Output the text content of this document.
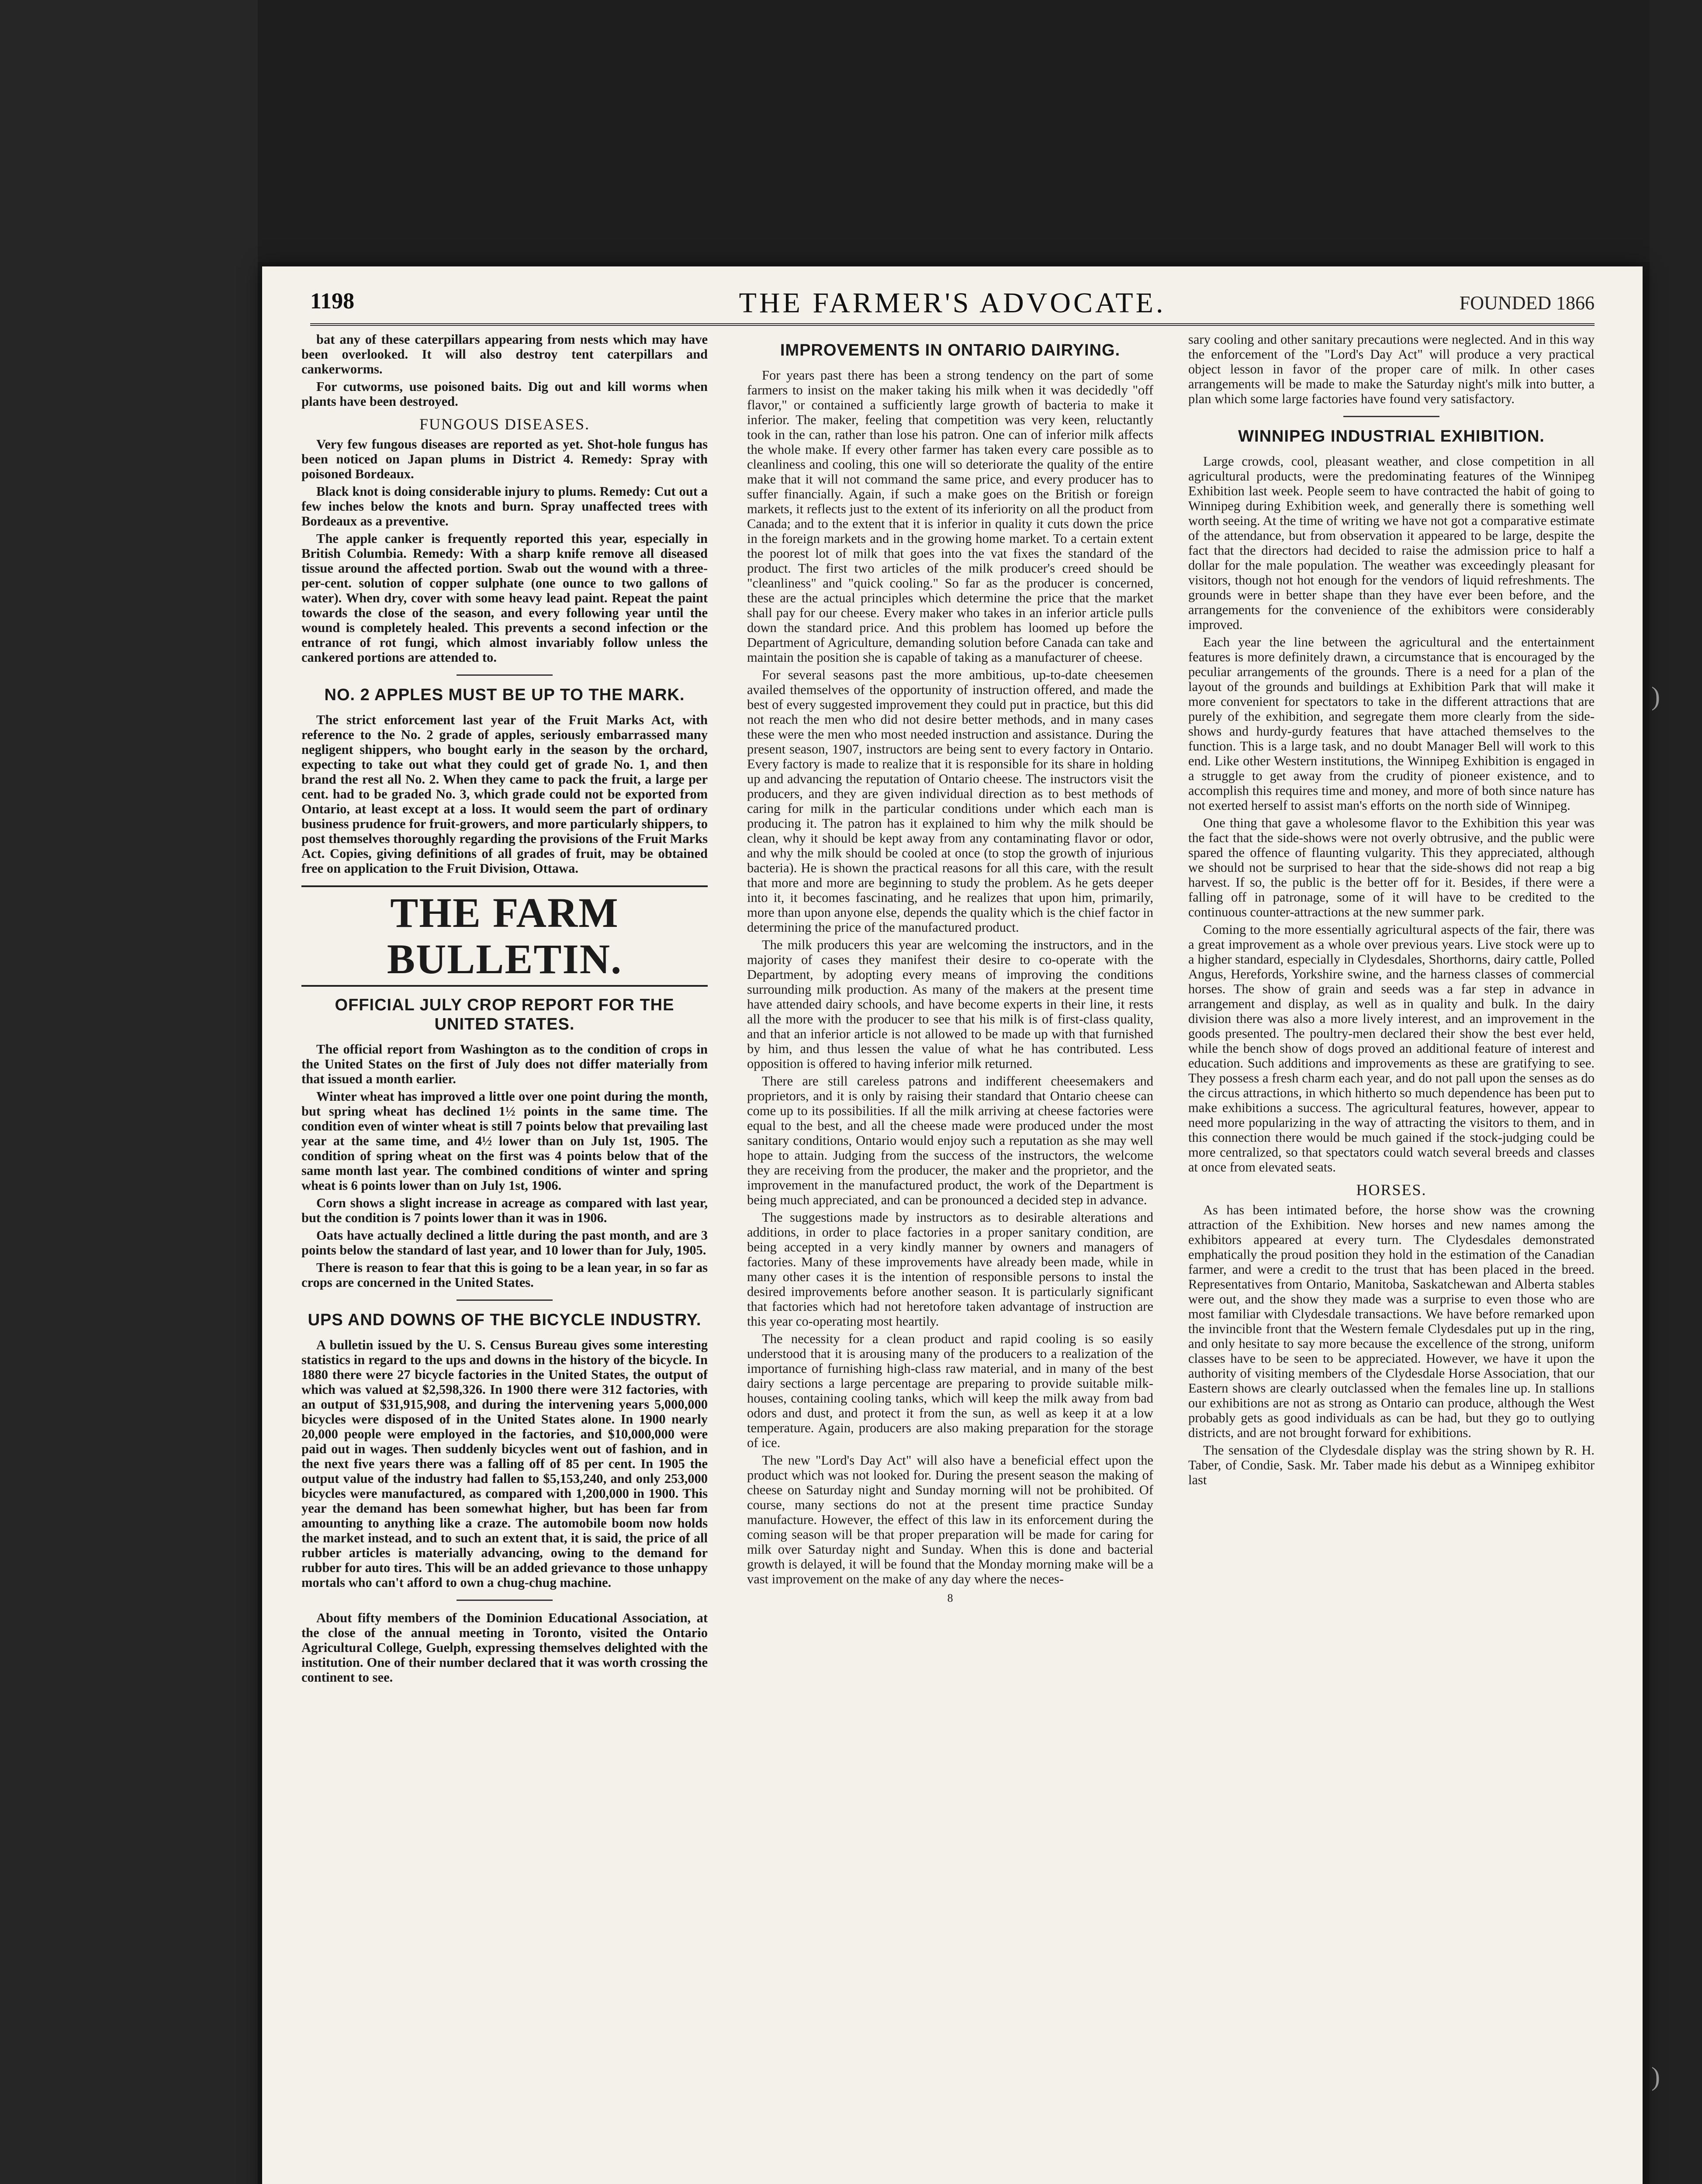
1198	THE FARMER'S ADVOCATE.	FOUNDED 1866

bat any of these caterpillars appearing from nests which may have been overlooked. It will also destroy tent caterpillars and cankerworms.

For cutworms, use poisoned baits. Dig out and kill worms when plants have been destroyed.

FUNGOUS DISEASES.

Very few fungous diseases are reported as yet. Shot-hole fungus has been noticed on Japan plums in District 4. Remedy: Spray with poisoned Bordeaux.

Black knot is doing considerable injury to plums. Remedy: Cut out a few inches below the knots and burn. Spray unaffected trees with Bordeaux as a preventive.

The apple canker is frequently reported this year, especially in British Columbia. Remedy: With a sharp knife remove all diseased tissue around the affected portion. Swab out the wound with a three-per-cent. solution of copper sulphate (one ounce to two gallons of water). When dry, cover with some heavy lead paint. Repeat the paint towards the close of the season, and every following year until the wound is completely healed. This prevents a second infection or the entrance of rot fungi, which almost invariably follow unless the cankered portions are attended to.

NO. 2 APPLES MUST BE UP TO THE MARK.

The strict enforcement last year of the Fruit Marks Act, with reference to the No. 2 grade of apples, seriously embarrassed many negligent shippers, who bought early in the season by the orchard, expecting to take out what they could get of grade No. 1, and then brand the rest all No. 2. When they came to pack the fruit, a large per cent. had to be graded No. 3, which grade could not be exported from Ontario, at least except at a loss. It would seem the part of ordinary business prudence for fruit-growers, and more particularly shippers, to post themselves thoroughly regarding the provisions of the Fruit Marks Act. Copies, giving definitions of all grades of fruit, may be obtained free on application to the Fruit Division, Ottawa.

THE FARM BULLETIN.
OFFICIAL JULY CROP REPORT FOR THE UNITED STATES.

The official report from Washington as to the condition of crops in the United States on the first of July does not differ materially from that issued a month earlier.

Winter wheat has improved a little over one point during the month, but spring wheat has declined 1½ points in the same time. The condition even of winter wheat is still 7 points below that prevailing last year at the same time, and 4½ lower than on July 1st, 1905. The condition of spring wheat on the first was 4 points below that of the same month last year. The combined conditions of winter and spring wheat is 6 points lower than on July 1st, 1906.

Corn shows a slight increase in acreage as compared with last year, but the condition is 7 points lower than it was in 1906.

Oats have actually declined a little during the past month, and are 3 points below the standard of last year, and 10 lower than for July, 1905.

There is reason to fear that this is going to be a lean year, in so far as crops are concerned in the United States.

UPS AND DOWNS OF THE BICYCLE INDUSTRY.

A bulletin issued by the U. S. Census Bureau gives some interesting statistics in regard to the ups and downs in the history of the bicycle. In 1880 there were 27 bicycle factories in the United States, the output of which was valued at $2,598,326. In 1900 there were 312 factories, with an output of $31,915,908, and during the intervening years 5,000,000 bicycles were disposed of in the United States alone. In 1900 nearly 20,000 people were employed in the factories, and $10,000,000 were paid out in wages. Then suddenly bicycles went out of fashion, and in the next five years there was a falling off of 85 per cent. In 1905 the output value of the industry had fallen to $5,153,240, and only 253,000 bicycles were manufactured, as compared with 1,200,000 in 1900. This year the demand has been somewhat higher, but has been far from amounting to anything like a craze. The automobile boom now holds the market instead, and to such an extent that, it is said, the price of all rubber articles is materially advancing, owing to the demand for rubber for auto tires. This will be an added grievance to those unhappy mortals who can't afford to own a chug-chug machine.

About fifty members of the Dominion Educational Association, at the close of the annual meeting in Toronto, visited the Ontario Agricultural College, Guelph, expressing themselves delighted with the institution. One of their number declared that it was worth crossing the continent to see.

IMPROVEMENTS IN ONTARIO DAIRYING.

For years past there has been a strong tendency on the part of some farmers to insist on the maker taking his milk when it was decidedly "off flavor," or contained a sufficiently large growth of bacteria to make it inferior. The maker, feeling that competition was very keen, reluctantly took in the can, rather than lose his patron. One can of inferior milk affects the whole make. If every other farmer has taken every care possible as to cleanliness and cooling, this one will so deteriorate the quality of the entire make that it will not command the same price, and every producer has to suffer financially. Again, if such a make goes on the British or foreign markets, it reflects just to the extent of its inferiority on all the product from Canada; and to the extent that it is inferior in quality it cuts down the price in the foreign markets and in the growing home market. To a certain extent the poorest lot of milk that goes into the vat fixes the standard of the product. The first two articles of the milk producer's creed should be "cleanliness" and "quick cooling." So far as the producer is concerned, these are the actual principles which determine the price that the market shall pay for our cheese. Every maker who takes in an inferior article pulls down the standard price. And this problem has loomed up before the Department of Agriculture, demanding solution before Canada can take and maintain the position she is capable of taking as a manufacturer of cheese.

For several seasons past the more ambitious, up-to-date cheesemen availed themselves of the opportunity of instruction offered, and made the best of every suggested improvement they could put in practice, but this did not reach the men who did not desire better methods, and in many cases these were the men who most needed instruction and assistance. During the present season, 1907, instructors are being sent to every factory in Ontario. Every factory is made to realize that it is responsible for its share in holding up and advancing the reputation of Ontario cheese. The instructors visit the producers, and they are given individual direction as to best methods of caring for milk in the particular conditions under which each man is producing it. The patron has it explained to him why the milk should be clean, why it should be kept away from any contaminating flavor or odor, and why the milk should be cooled at once (to stop the growth of injurious bacteria). He is shown the practical reasons for all this care, with the result that more and more are beginning to study the problem. As he gets deeper into it, it becomes fascinating, and he realizes that upon him, primarily, more than upon anyone else, depends the quality which is the chief factor in determining the price of the manufactured product.

The milk producers this year are welcoming the instructors, and in the majority of cases they manifest their desire to co-operate with the Department, by adopting every means of improving the conditions surrounding milk production. As many of the makers at the present time have attended dairy schools, and have become experts in their line, it rests all the more with the producer to see that his milk is of first-class quality, and that an inferior article is not allowed to be made up with that furnished by him, and thus lessen the value of what he has contributed. Less opposition is offered to having inferior milk returned.

There are still careless patrons and indifferent cheesemakers and proprietors, and it is only by raising their standard that Ontario cheese can come up to its possibilities. If all the milk arriving at cheese factories were equal to the best, and all the cheese made were produced under the most sanitary conditions, Ontario would enjoy such a reputation as she may well hope to attain. Judging from the success of the instructors, the welcome they are receiving from the producer, the maker and the proprietor, and the improvement in the manufactured product, the work of the Department is being much appreciated, and can be pronounced a decided step in advance.

The suggestions made by instructors as to desirable alterations and additions, in order to place factories in a proper sanitary condition, are being accepted in a very kindly manner by owners and managers of factories. Many of these improvements have already been made, while in many other cases it is the intention of responsible persons to instal the desired improvements before another season. It is particularly significant that factories which had not heretofore taken advantage of instruction are this year co-operating most heartily.

The necessity for a clean product and rapid cooling is so easily understood that it is arousing many of the producers to a realization of the importance of furnishing high-class raw material, and in many of the best dairy sections a large percentage are preparing to provide suitable milk-houses, containing cooling tanks, which will keep the milk away from bad odors and dust, and protect it from the sun, as well as keep it at a low temperature. Again, producers are also making preparation for the storage of ice.

The new "Lord's Day Act" will also have a beneficial effect upon the product which was not looked for. During the present season the making of cheese on Saturday night and Sunday morning will not be prohibited. Of course, many sections do not at the present time practice Sunday manufacture. However, the effect of this law in its enforcement during the coming season will be that proper preparation will be made for caring for milk over Saturday night and Sunday. When this is done and bacterial growth is delayed, it will be found that the Monday morning make will be a vast improvement on the make of any day where the neces-

8

sary cooling and other sanitary precautions were neglected. And in this way the enforcement of the "Lord's Day Act" will produce a very practical object lesson in favor of the proper care of milk. In other cases arrangements will be made to make the Saturday night's milk into butter, a plan which some large factories have found very satisfactory.

WINNIPEG INDUSTRIAL EXHIBITION.

Large crowds, cool, pleasant weather, and close competition in all agricultural products, were the predominating features of the Winnipeg Exhibition last week. People seem to have contracted the habit of going to Winnipeg during Exhibition week, and generally there is something well worth seeing. At the time of writing we have not got a comparative estimate of the attendance, but from observation it appeared to be large, despite the fact that the directors had decided to raise the admission price to half a dollar for the male population. The weather was exceedingly pleasant for visitors, though not hot enough for the vendors of liquid refreshments. The grounds were in better shape than they have ever been before, and the arrangements for the convenience of the exhibitors were considerably improved.

Each year the line between the agricultural and the entertainment features is more definitely drawn, a circumstance that is encouraged by the peculiar arrangements of the grounds. There is a need for a plan of the layout of the grounds and buildings at Exhibition Park that will make it more convenient for spectators to take in the different attractions that are purely of the exhibition, and segregate them more clearly from the side-shows and hurdy-gurdy features that have attached themselves to the function. This is a large task, and no doubt Manager Bell will work to this end. Like other Western institutions, the Winnipeg Exhibition is engaged in a struggle to get away from the crudity of pioneer existence, and to accomplish this requires time and money, and more of both since nature has not exerted herself to assist man's efforts on the north side of Winnipeg.

One thing that gave a wholesome flavor to the Exhibition this year was the fact that the side-shows were not overly obtrusive, and the public were spared the offence of flaunting vulgarity. This they appreciated, although we should not be surprised to hear that the side-shows did not reap a big harvest. If so, the public is the better off for it. Besides, if there were a falling off in patronage, some of it will have to be credited to the continuous counter-attractions at the new summer park.

Coming to the more essentially agricultural aspects of the fair, there was a great improvement as a whole over previous years. Live stock were up to a higher standard, especially in Clydesdales, Shorthorns, dairy cattle, Polled Angus, Herefords, Yorkshire swine, and the harness classes of commercial horses. The show of grain and seeds was a far step in advance in arrangement and display, as well as in quality and bulk. In the dairy division there was also a more lively interest, and an improvement in the goods presented. The poultry-men declared their show the best ever held, while the bench show of dogs proved an additional feature of interest and education. Such additions and improvements as these are gratifying to see. They possess a fresh charm each year, and do not pall upon the senses as do the circus attractions, in which hitherto so much dependence has been put to make exhibitions a success. The agricultural features, however, appear to need more popularizing in the way of attracting the visitors to them, and in this connection there would be much gained if the stock-judging could be more centralized, so that spectators could watch several breeds and classes at once from elevated seats.

HORSES.

As has been intimated before, the horse show was the crowning attraction of the Exhibition. New horses and new names among the exhibitors appeared at every turn. The Clydesdales demonstrated emphatically the proud position they hold in the estimation of the Canadian farmer, and were a credit to the trust that has been placed in the breed. Representatives from Ontario, Manitoba, Saskatchewan and Alberta stables were out, and the show they made was a surprise to even those who are most familiar with Clydesdale transactions. We have before remarked upon the invincible front that the Western female Clydesdales put up in the ring, and only hesitate to say more because the excellence of the strong, uniform classes have to be seen to be appreciated. However, we have it upon the authority of visiting members of the Clydesdale Horse Association, that our Eastern shows are clearly outclassed when the females line up. In stallions our exhibitions are not as strong as Ontario can produce, although the West probably gets as good individuals as can be had, but they go to outlying districts, and are not brought forward for exhibitions.

The sensation of the Clydesdale display was the string shown by R. H. Taber, of Condie, Sask. Mr. Taber made his debut as a Winnipeg exhibitor last

)
)
